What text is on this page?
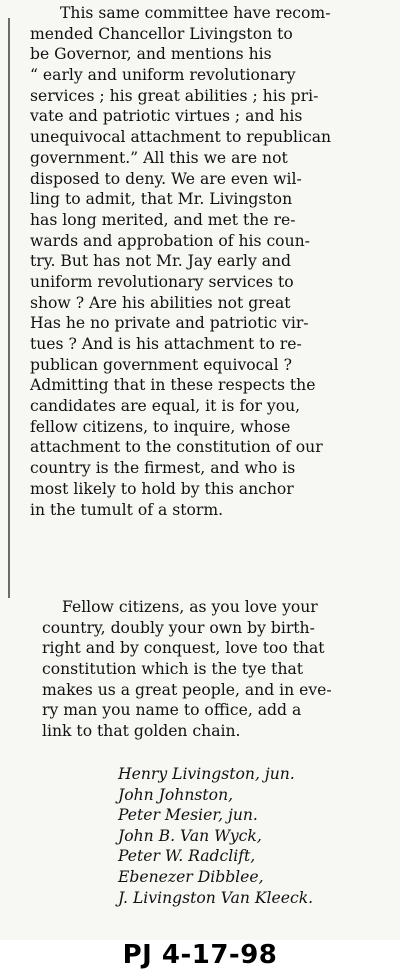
This same committee have recom-
mended Chancellor Livingston to
be Governor, and mentions his
“ early and uniform revolutionary
services ; his great abilities ; his pri-
vate and patriotic virtues ; and his
unequivocal attachment to republican
government.” All this we are not
disposed to deny. We are even wil-
ling to admit, that Mr. Livingston
has long merited, and met the re-
wards and approbation of his coun-
try. But has not Mr. Jay early and
uniform revolutionary services to
show ? Are his abilities not great
Has he no private and patriotic vir-
tues ? And is his attachment to re-
publican government equivocal ?
Admitting that in these respects the
candidates are equal, it is for you,
fellow citizens, to inquire, whose
attachment to the constitution of our
country is the firmest, and who is
most likely to hold by this anchor
in the tumult of a storm.
Fellow citizens, as you love your
country, doubly your own by birth-
right and by conquest, love too that
constitution which is the tye that
makes us a great people, and in eve-
ry man you name to office, add a
link to that golden chain.
Henry Livingston, jun.
John Johnston,
Peter Mesier, jun.
John B. Van Wyck,
Peter W. Radclift,
Ebenezer Dibblee,
J. Livingston Van Kleeck.
PJ 4-17-98
